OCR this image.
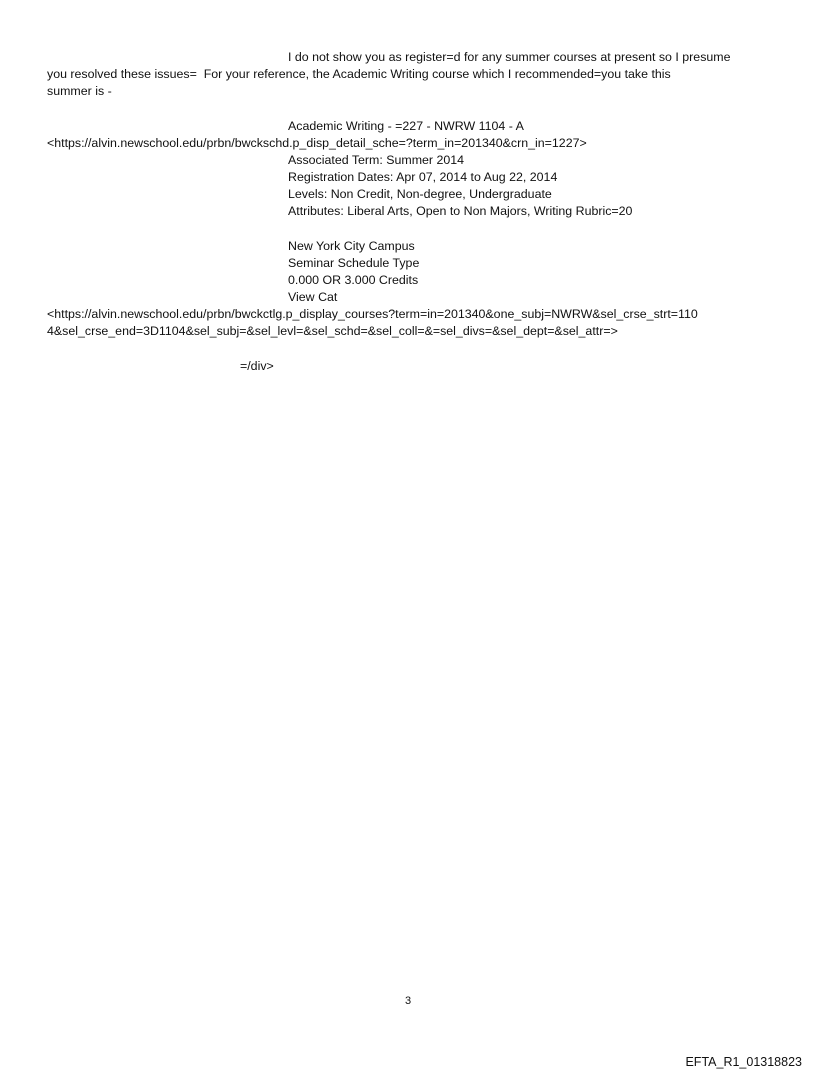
I do not show you as register=d for any summer courses at present so I presume
you resolved these issues=  For your reference, the Academic Writing course which I recommended=you take this
summer is -
Academic Writing - =227 - NWRW 1104 - A
<https://alvin.newschool.edu/prbn/bwckschd.p_disp_detail_sche=?term_in=201340&crn_in=1227>
Associated Term: Summer 2014
Registration Dates: Apr 07, 2014 to Aug 22, 2014
Levels: Non Credit, Non-degree, Undergraduate
Attributes: Liberal Arts, Open to Non Majors, Writing Rubric=20
New York City Campus
Seminar Schedule Type
0.000 OR 3.000 Credits
View Cat
<https://alvin.newschool.edu/prbn/bwckctlg.p_display_courses?term=in=201340&one_subj=NWRW&sel_crse_strt=110
4&sel_crse_end=3D1104&sel_subj=&sel_levl=&sel_schd=&sel_coll=&=sel_divs=&sel_dept=&sel_attr=>
=/div>
3
EFTA_R1_01318823
